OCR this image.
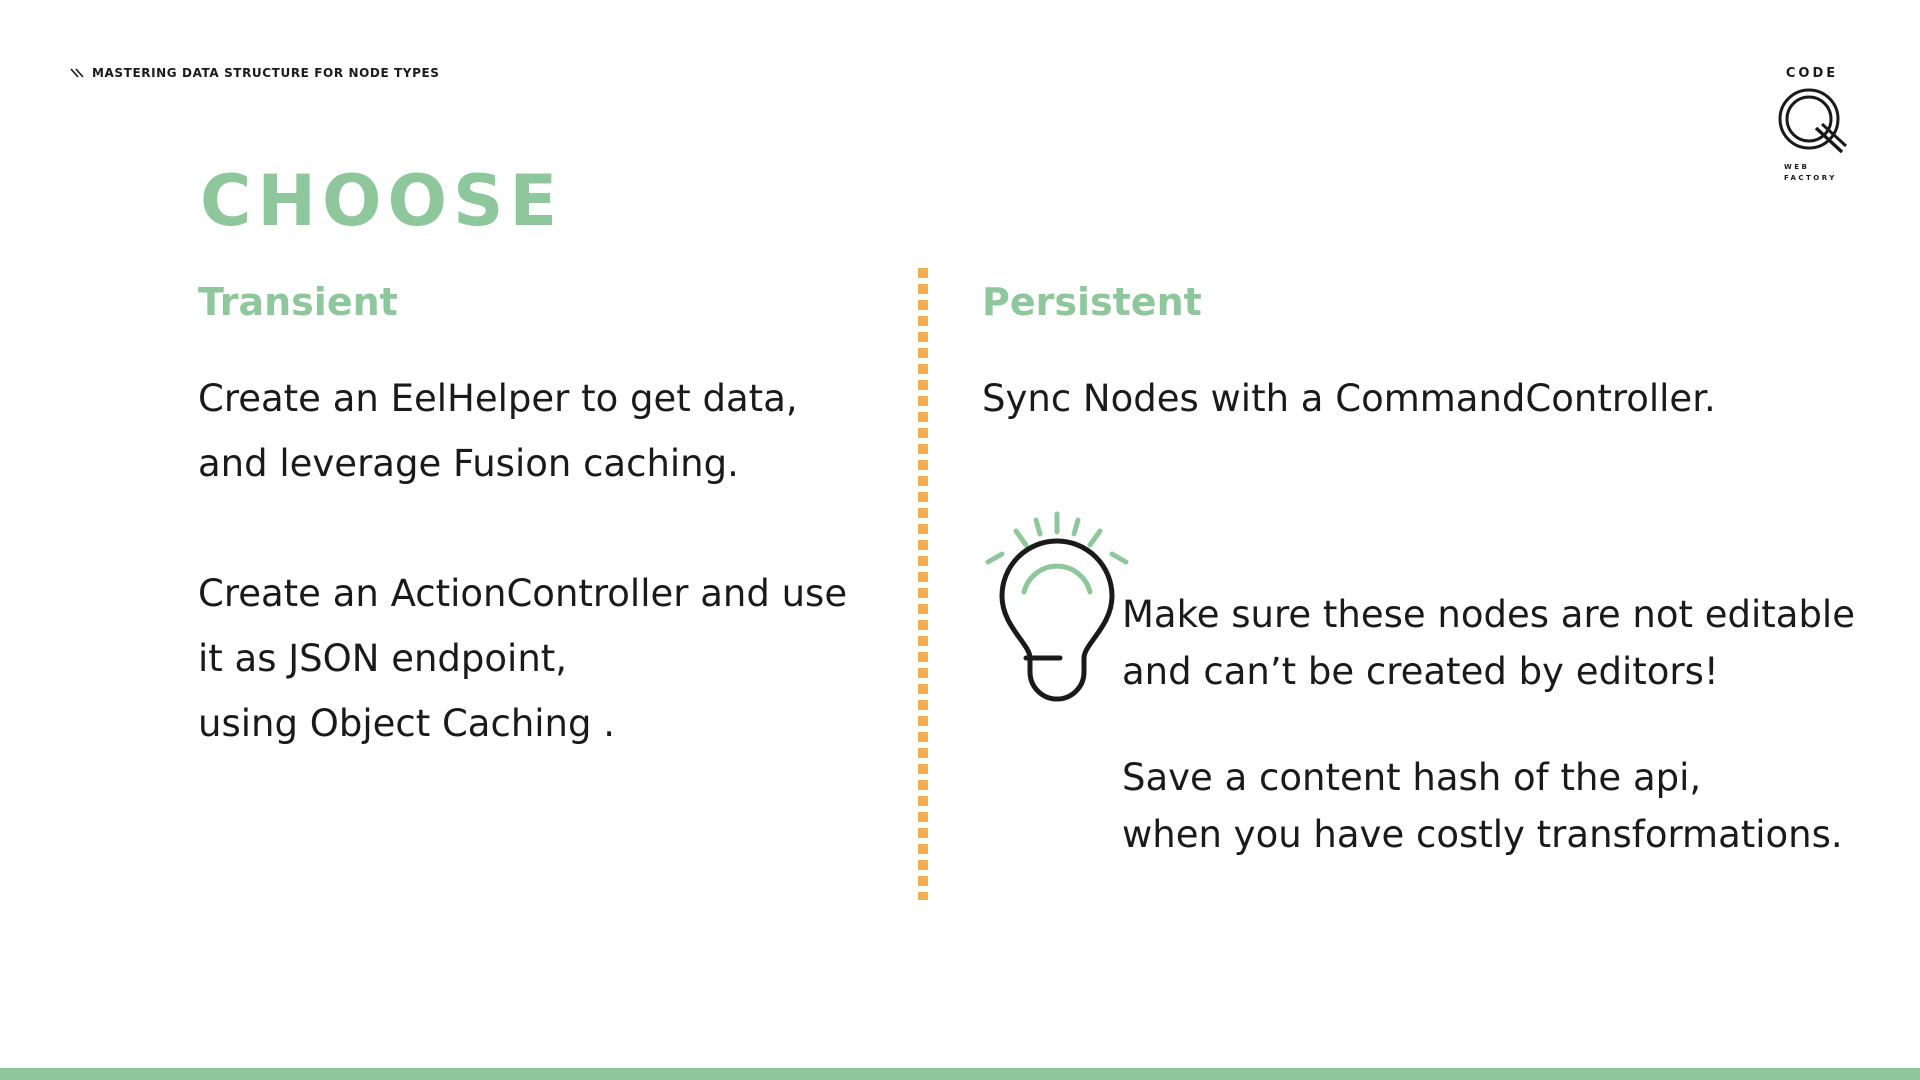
MASTERING DATA STRUCTURE FOR NODE TYPES	CODE
WEB
FACTORY
CHOOSE
Transient

Create an EelHelper to get data,
and leverage Fusion caching.

Create an ActionController and use
it as JSON endpoint,
using Object Caching .

Persistent

Sync Nodes with a CommandController.

Make sure these nodes are not editable
and can’t be created by editors!

Save a content hash of the api,
when you have costly transformations.
